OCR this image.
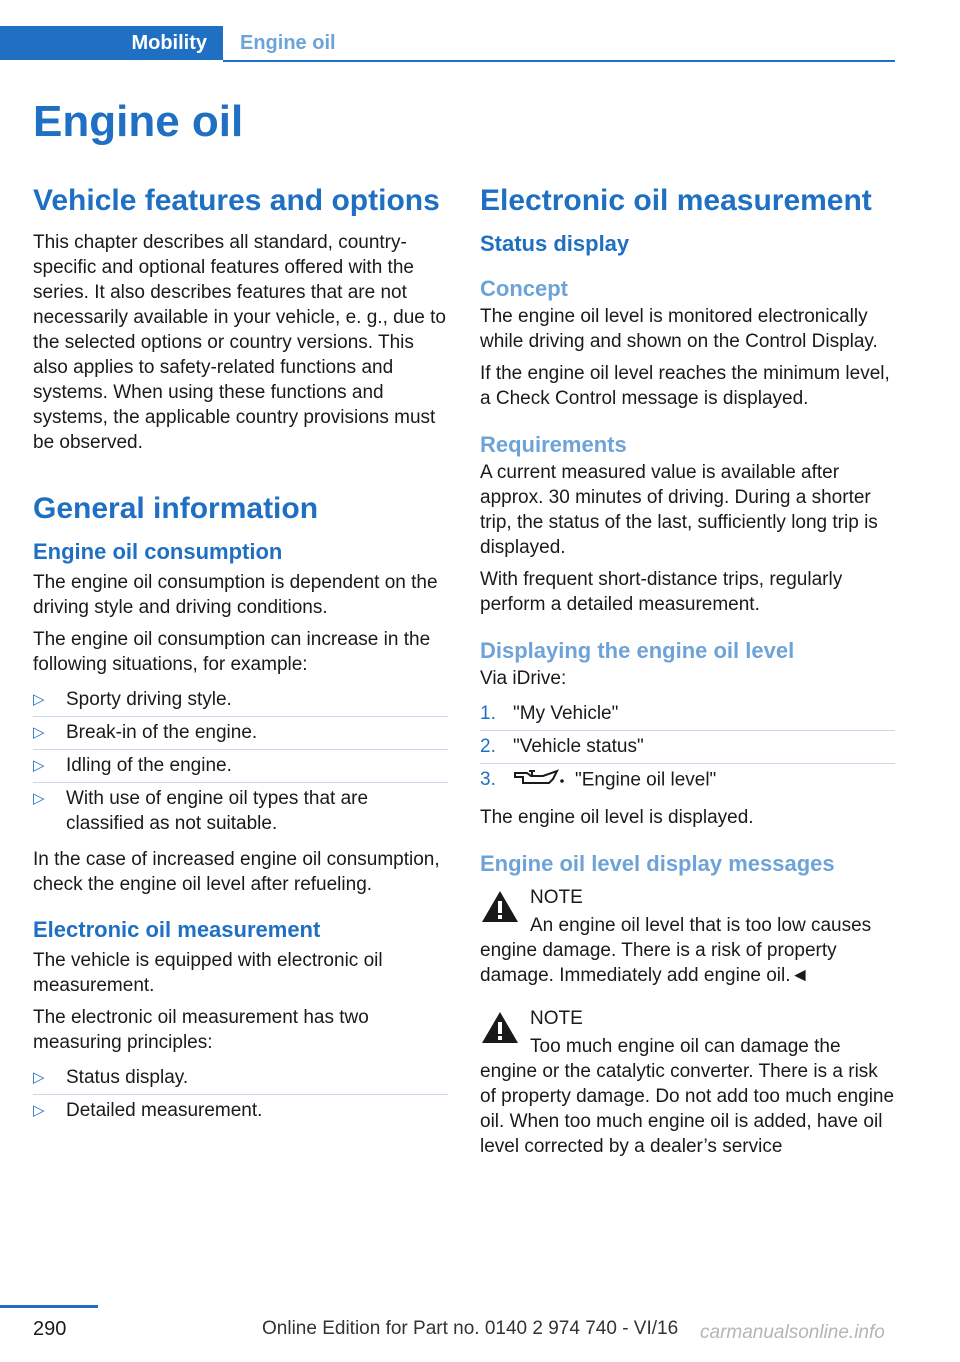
Mobility	Engine oil
Engine oil
Vehicle features and options

This chapter describes all standard, country-specific and optional features offered with the series. It also describes features that are not necessarily available in your vehicle, e. g., due to the selected options or country versions. This also applies to safety-related functions and systems. When using these functions and systems, the applicable country provisions must be observed.

General information
Engine oil consumption

The engine oil consumption is dependent on the driving style and driving conditions.

The engine oil consumption can increase in the following situations, for example:

▷ Sporty driving style.
▷ Break-in of the engine.
▷ Idling of the engine.
▷ With use of engine oil types that are classified as not suitable.

In the case of increased engine oil consumption, check the engine oil level after refueling.

Electronic oil measurement

The vehicle is equipped with electronic oil measurement.

The electronic oil measurement has two measuring principles:

▷ Status display.
▷ Detailed measurement.
Electronic oil measurement
Status display
Concept

The engine oil level is monitored electronically while driving and shown on the Control Display.

If the engine oil level reaches the minimum level, a Check Control message is displayed.

Requirements

A current measured value is available after approx. 30 minutes of driving. During a shorter trip, the status of the last, sufficiently long trip is displayed.

With frequent short-distance trips, regularly perform a detailed measurement.

Displaying the engine oil level

Via iDrive:

1. "My Vehicle"
2. "Vehicle status"
3.	"Engine oil level"

The engine oil level is displayed.

Engine oil level display messages

NOTE

An engine oil level that is too low causes engine damage. There is a risk of property damage. Immediately add engine oil.◄

NOTE

Too much engine oil can damage the engine or the catalytic converter. There is a risk of property damage. Do not add too much engine oil. When too much engine oil is added, have oil level corrected by a dealer’s service

290	Online Edition for Part no. 0140 2 974 740 - VI/16 carmanualsonline.info
